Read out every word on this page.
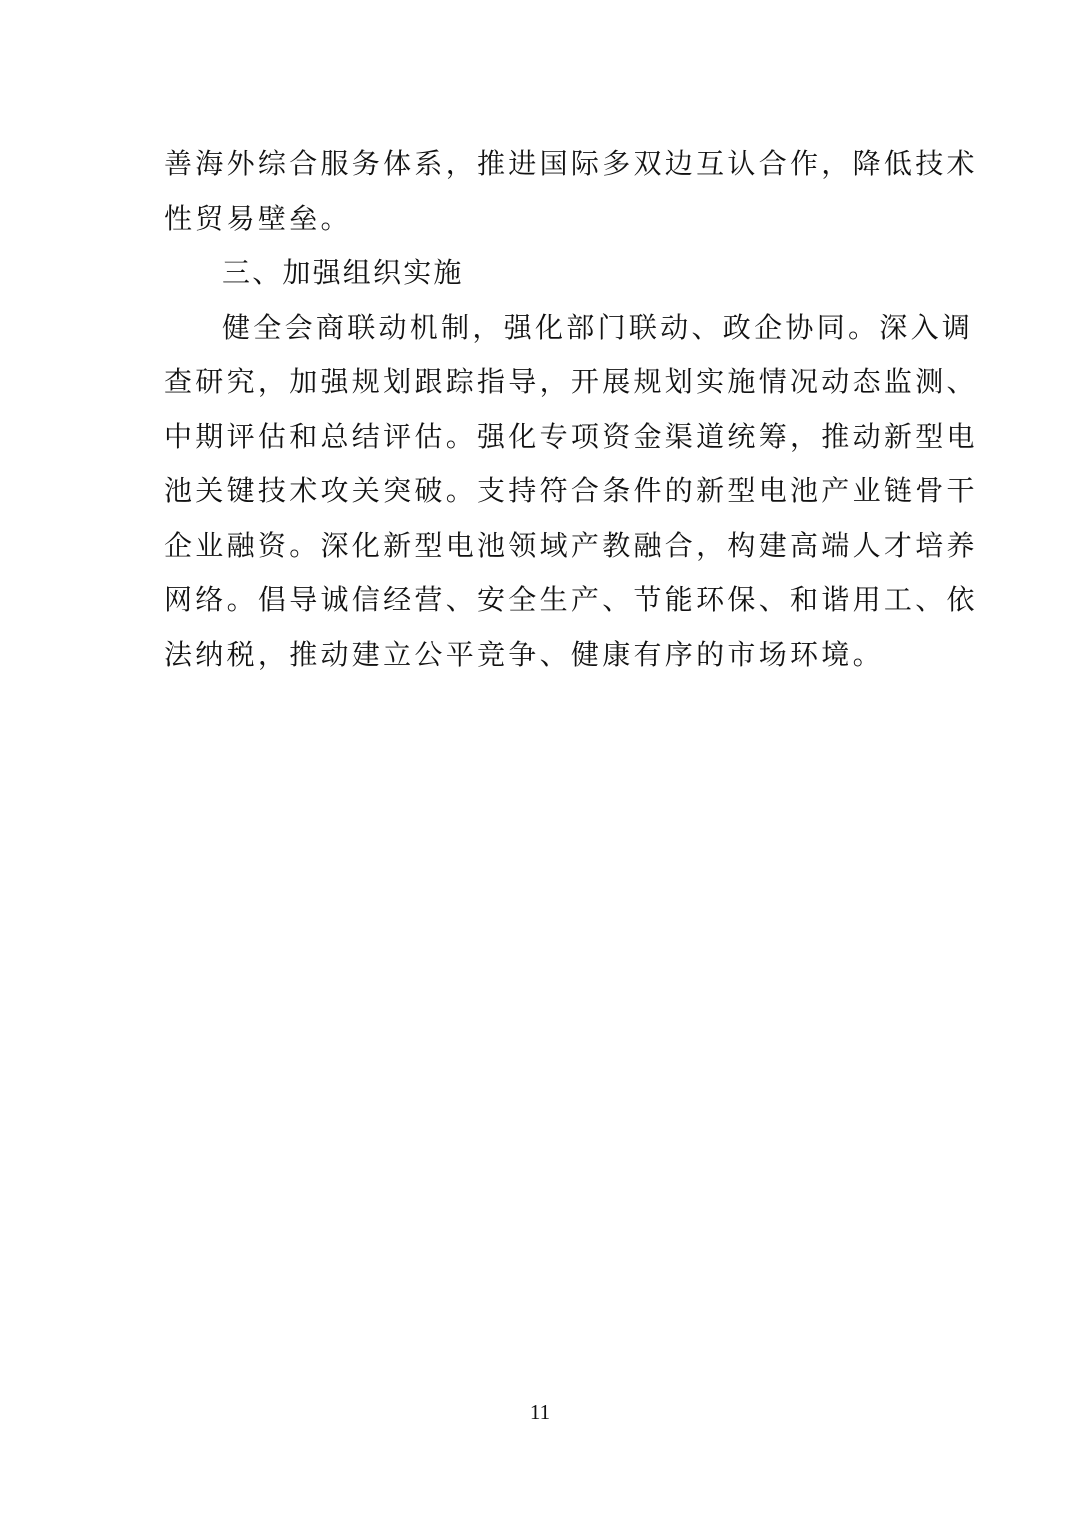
善海外综合服务体系，推进国际多双边互认合作，降低技术
性贸易壁垒。
三、加强组织实施
健全会商联动机制，强化部门联动、政企协同。深入调
查研究，加强规划跟踪指导，开展规划实施情况动态监测、
中期评估和总结评估。强化专项资金渠道统筹，推动新型电
池关键技术攻关突破。支持符合条件的新型电池产业链骨干
企业融资。深化新型电池领域产教融合，构建高端人才培养
网络。倡导诚信经营、安全生产、节能环保、和谐用工、依
法纳税，推动建立公平竞争、健康有序的市场环境。
11
